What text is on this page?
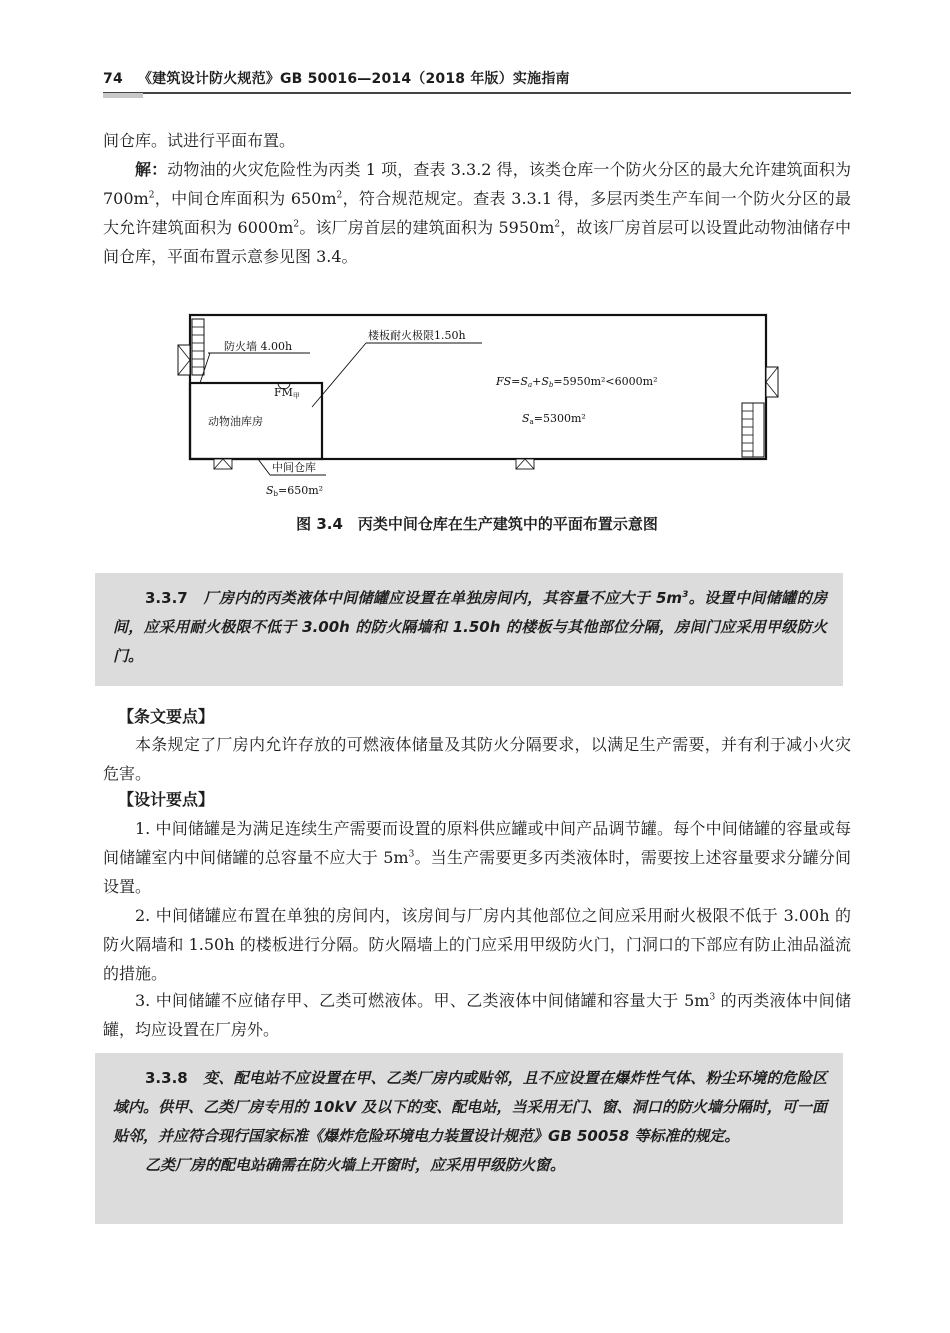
74 《建筑设计防火规范》GB 50016—2014（2018 年版）实施指南

间仓库。试进行平面布置。

解：动物油的火灾危险性为丙类 1 项，查表 3.3.2 得，该类仓库一个防火分区的最大允许建筑面积为 $700m^2$，中间仓库面积为 $650m^2$，符合规范规定。查表 3.3.1 得，多层丙类生产车间一个防火分区的最大允许建筑面积为 $6000m^2$。该厂房首层的建筑面积为 $5950m^2$，故该厂房首层可以设置此动物油储存中间仓库，平面布置示意参见图 3.4。

防火墙 4.00h
楼板耐火极限1.50h
FM甲
动物油库房
FS=Sa+Sb=5950m²<6000m²
Sa=5300m²
中间仓库
Sb=650m²
图 3.4　丙类中间仓库在生产建筑中的平面布置示意图

3.3.7　 厂房内的丙类液体中间储罐应设置在单独房间内，其容量不应大于 $5m^3$。设置中间储罐的房间，应采用耐火极限不低于 3.00h 的防火隔墙和 1.50h 的楼板与其他部位分隔，房间门应采用甲级防火门。

【条文要点】

本条规定了厂房内允许存放的可燃液体储量及其防火分隔要求，以满足生产需要，并有利于减小火灾危害。

【设计要点】

1. 中间储罐是为满足连续生产需要而设置的原料供应罐或中间产品调节罐。每个中间储罐的容量或每间储罐室内中间储罐的总容量不应大于 $5m^3$。当生产需要更多丙类液体时，需要按上述容量要求分罐分间设置。

2. 中间储罐应布置在单独的房间内，该房间与厂房内其他部位之间应采用耐火极限不低于 3.00h 的防火隔墙和 1.50h 的楼板进行分隔。防火隔墙上的门应采用甲级防火门，门洞口的下部应有防止油品溢流的措施。

3. 中间储罐不应储存甲、乙类可燃液体。甲、乙类液体中间储罐和容量大于 $5m^3$ 的丙类液体中间储罐，均应设置在厂房外。

3.3.8　 变、配电站不应设置在甲、乙类厂房内或贴邻，且不应设置在爆炸性气体、粉尘环境的危险区域内。供甲、乙类厂房专用的 10kV 及以下的变、配电站，当采用无门、窗、洞口的防火墙分隔时，可一面贴邻，并应符合现行国家标准《爆炸危险环境电力装置设计规范》GB 50058 等标准的规定。

乙类厂房的配电站确需在防火墙上开窗时，应采用甲级防火窗。
